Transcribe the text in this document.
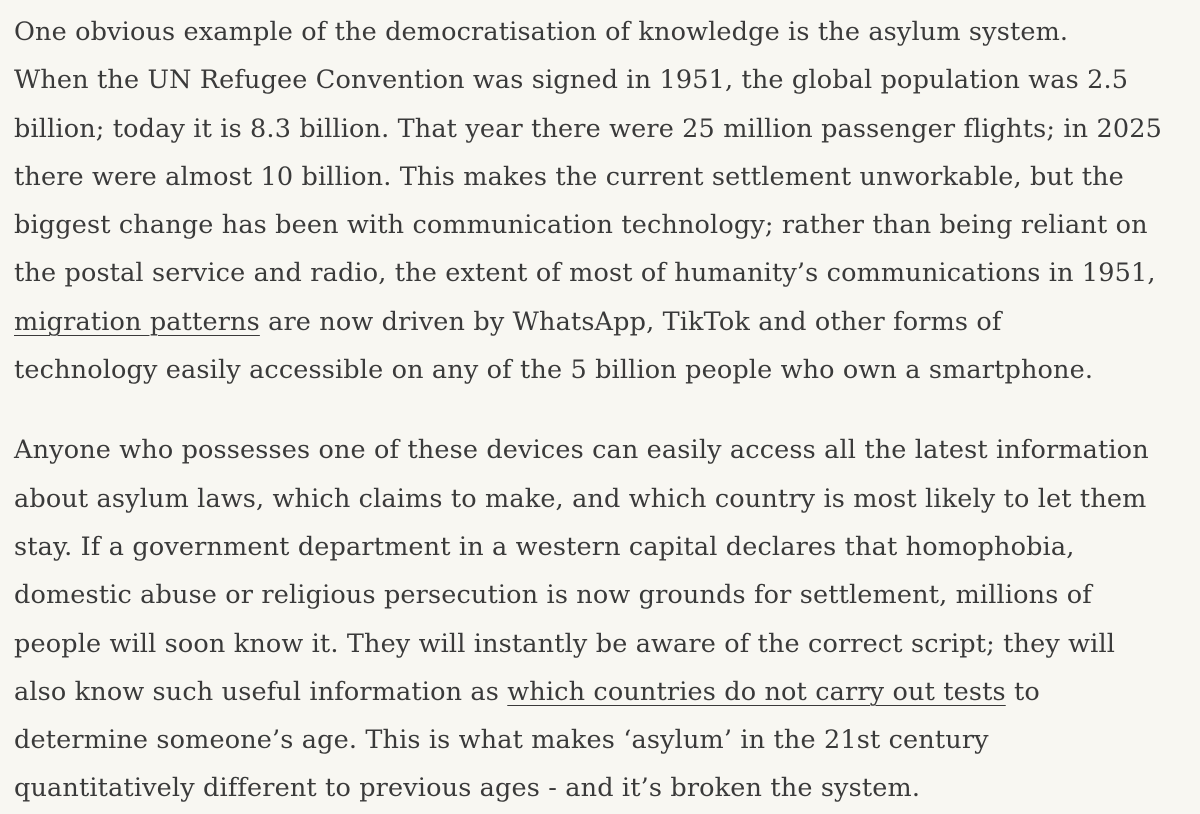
One obvious example of the democratisation of knowledge is the asylum system.
When the UN Refugee Convention was signed in 1951, the global population was 2.5
billion; today it is 8.3 billion. That year there were 25 million passenger flights; in 2025
there were almost 10 billion. This makes the current settlement unworkable, but the
biggest change has been with communication technology; rather than being reliant on
the postal service and radio, the extent of most of humanity’s communications in 1951,
migration patterns are now driven by WhatsApp, TikTok and other forms of
technology easily accessible on any of the 5 billion people who own a smartphone.

Anyone who possesses one of these devices can easily access all the latest information
about asylum laws, which claims to make, and which country is most likely to let them
stay. If a government department in a western capital declares that homophobia,
domestic abuse or religious persecution is now grounds for settlement, millions of
people will soon know it. They will instantly be aware of the correct script; they will
also know such useful information as which countries do not carry out tests to
determine someone’s age. This is what makes ‘asylum’ in the 21st century
quantitatively different to previous ages - and it’s broken the system.
